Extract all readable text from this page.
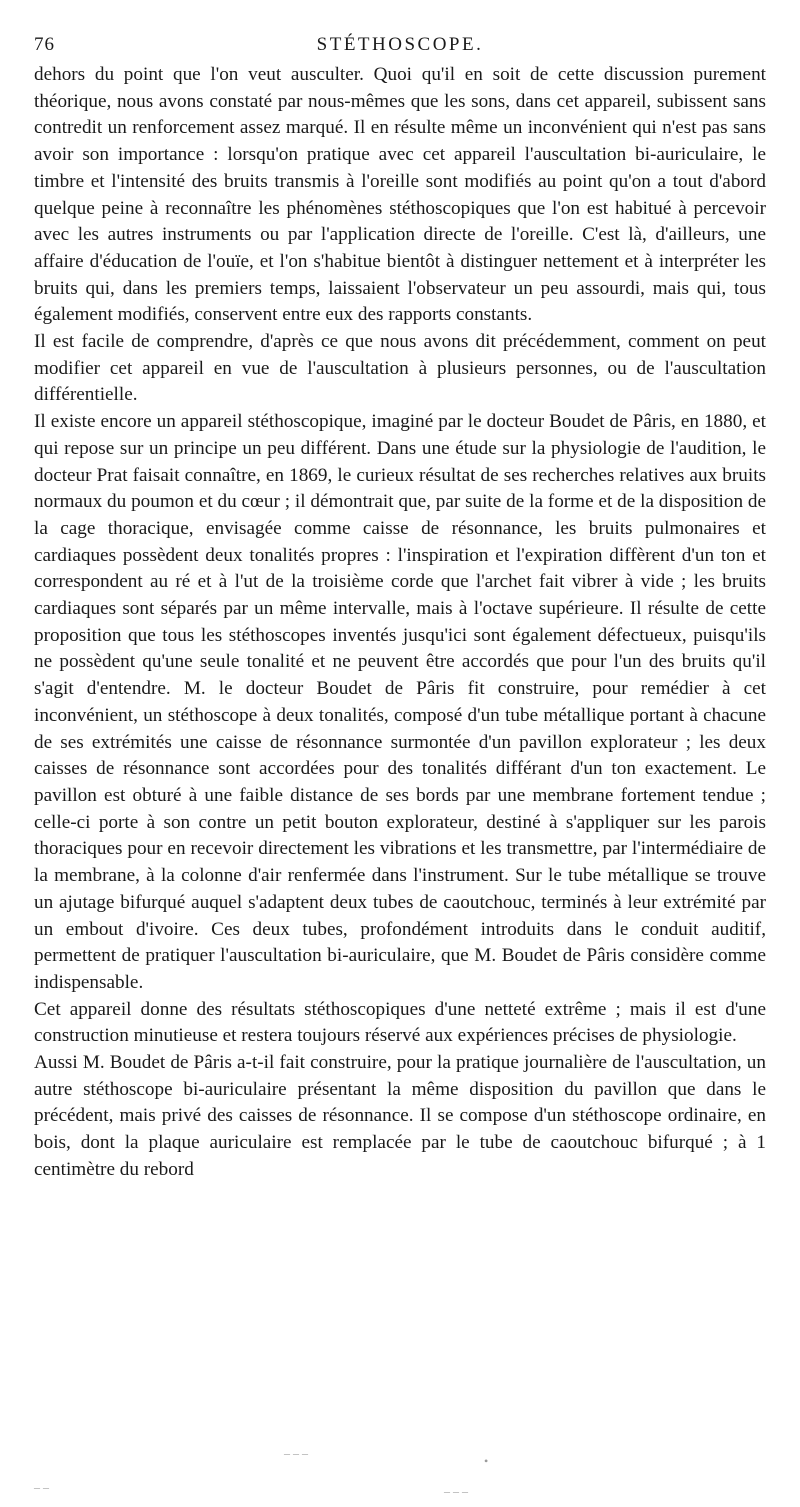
76	STÉTHOSCOPE.

dehors du point que l'on veut ausculter. Quoi qu'il en soit de cette discussion purement théorique, nous avons constaté par nous-mêmes que les sons, dans cet appareil, subissent sans contredit un renforcement assez marqué. Il en résulte même un inconvénient qui n'est pas sans avoir son importance : lorsqu'on pratique avec cet appareil l'auscultation bi-auriculaire, le timbre et l'intensité des bruits transmis à l'oreille sont modifiés au point qu'on a tout d'abord quelque peine à reconnaître les phénomènes stéthoscopiques que l'on est habitué à percevoir avec les autres instruments ou par l'application directe de l'oreille. C'est là, d'ailleurs, une affaire d'éducation de l'ouïe, et l'on s'habitue bientôt à distinguer nettement et à interpréter les bruits qui, dans les premiers temps, laissaient l'observateur un peu assourdi, mais qui, tous également modifiés, conservent entre eux des rapports constants.

Il est facile de comprendre, d'après ce que nous avons dit précédemment, comment on peut modifier cet appareil en vue de l'auscultation à plusieurs personnes, ou de l'auscultation différentielle.

Il existe encore un appareil stéthoscopique, imaginé par le docteur Boudet de Pâris, en 1880, et qui repose sur un principe un peu différent. Dans une étude sur la physiologie de l'audition, le docteur Prat faisait connaître, en 1869, le curieux résultat de ses recherches relatives aux bruits normaux du poumon et du cœur ; il démontrait que, par suite de la forme et de la disposition de la cage thoracique, envisagée comme caisse de résonnance, les bruits pulmonaires et cardiaques possèdent deux tonalités propres : l'inspiration et l'expiration diffèrent d'un ton et correspondent au ré et à l'ut de la troisième corde que l'archet fait vibrer à vide ; les bruits cardiaques sont séparés par un même intervalle, mais à l'octave supérieure. Il résulte de cette proposition que tous les stéthoscopes inventés jusqu'ici sont également défectueux, puisqu'ils ne possèdent qu'une seule tonalité et ne peuvent être accordés que pour l'un des bruits qu'il s'agit d'entendre. M. le docteur Boudet de Pâris fit construire, pour remédier à cet inconvénient, un stéthoscope à deux tonalités, composé d'un tube métallique portant à chacune de ses extrémités une caisse de résonnance surmontée d'un pavillon explorateur ; les deux caisses de résonnance sont accordées pour des tonalités différant d'un ton exactement. Le pavillon est obturé à une faible distance de ses bords par une membrane fortement tendue ; celle-ci porte à son contre un petit bouton explorateur, destiné à s'appliquer sur les parois thoraciques pour en recevoir directement les vibrations et les transmettre, par l'intermédiaire de la membrane, à la colonne d'air renfermée dans l'instrument. Sur le tube métallique se trouve un ajutage bifurqué auquel s'adaptent deux tubes de caoutchouc, terminés à leur extrémité par un embout d'ivoire. Ces deux tubes, profondément introduits dans le conduit auditif, permettent de pratiquer l'auscultation bi-auriculaire, que M. Boudet de Pâris considère comme indispensable.

Cet appareil donne des résultats stéthoscopiques d'une netteté extrême ; mais il est d'une construction minutieuse et restera toujours réservé aux expériences précises de physiologie.

Aussi M. Boudet de Pâris a-t-il fait construire, pour la pratique journalière de l'auscultation, un autre stéthoscope bi-auriculaire présentant la même disposition du pavillon que dans le précédent, mais privé des caisses de résonnance. Il se compose d'un stéthoscope ordinaire, en bois, dont la plaque auriculaire est remplacée par le tube de caoutchouc bifurqué ; à 1 centimètre du rebord

– – –
•
– –	– – –
